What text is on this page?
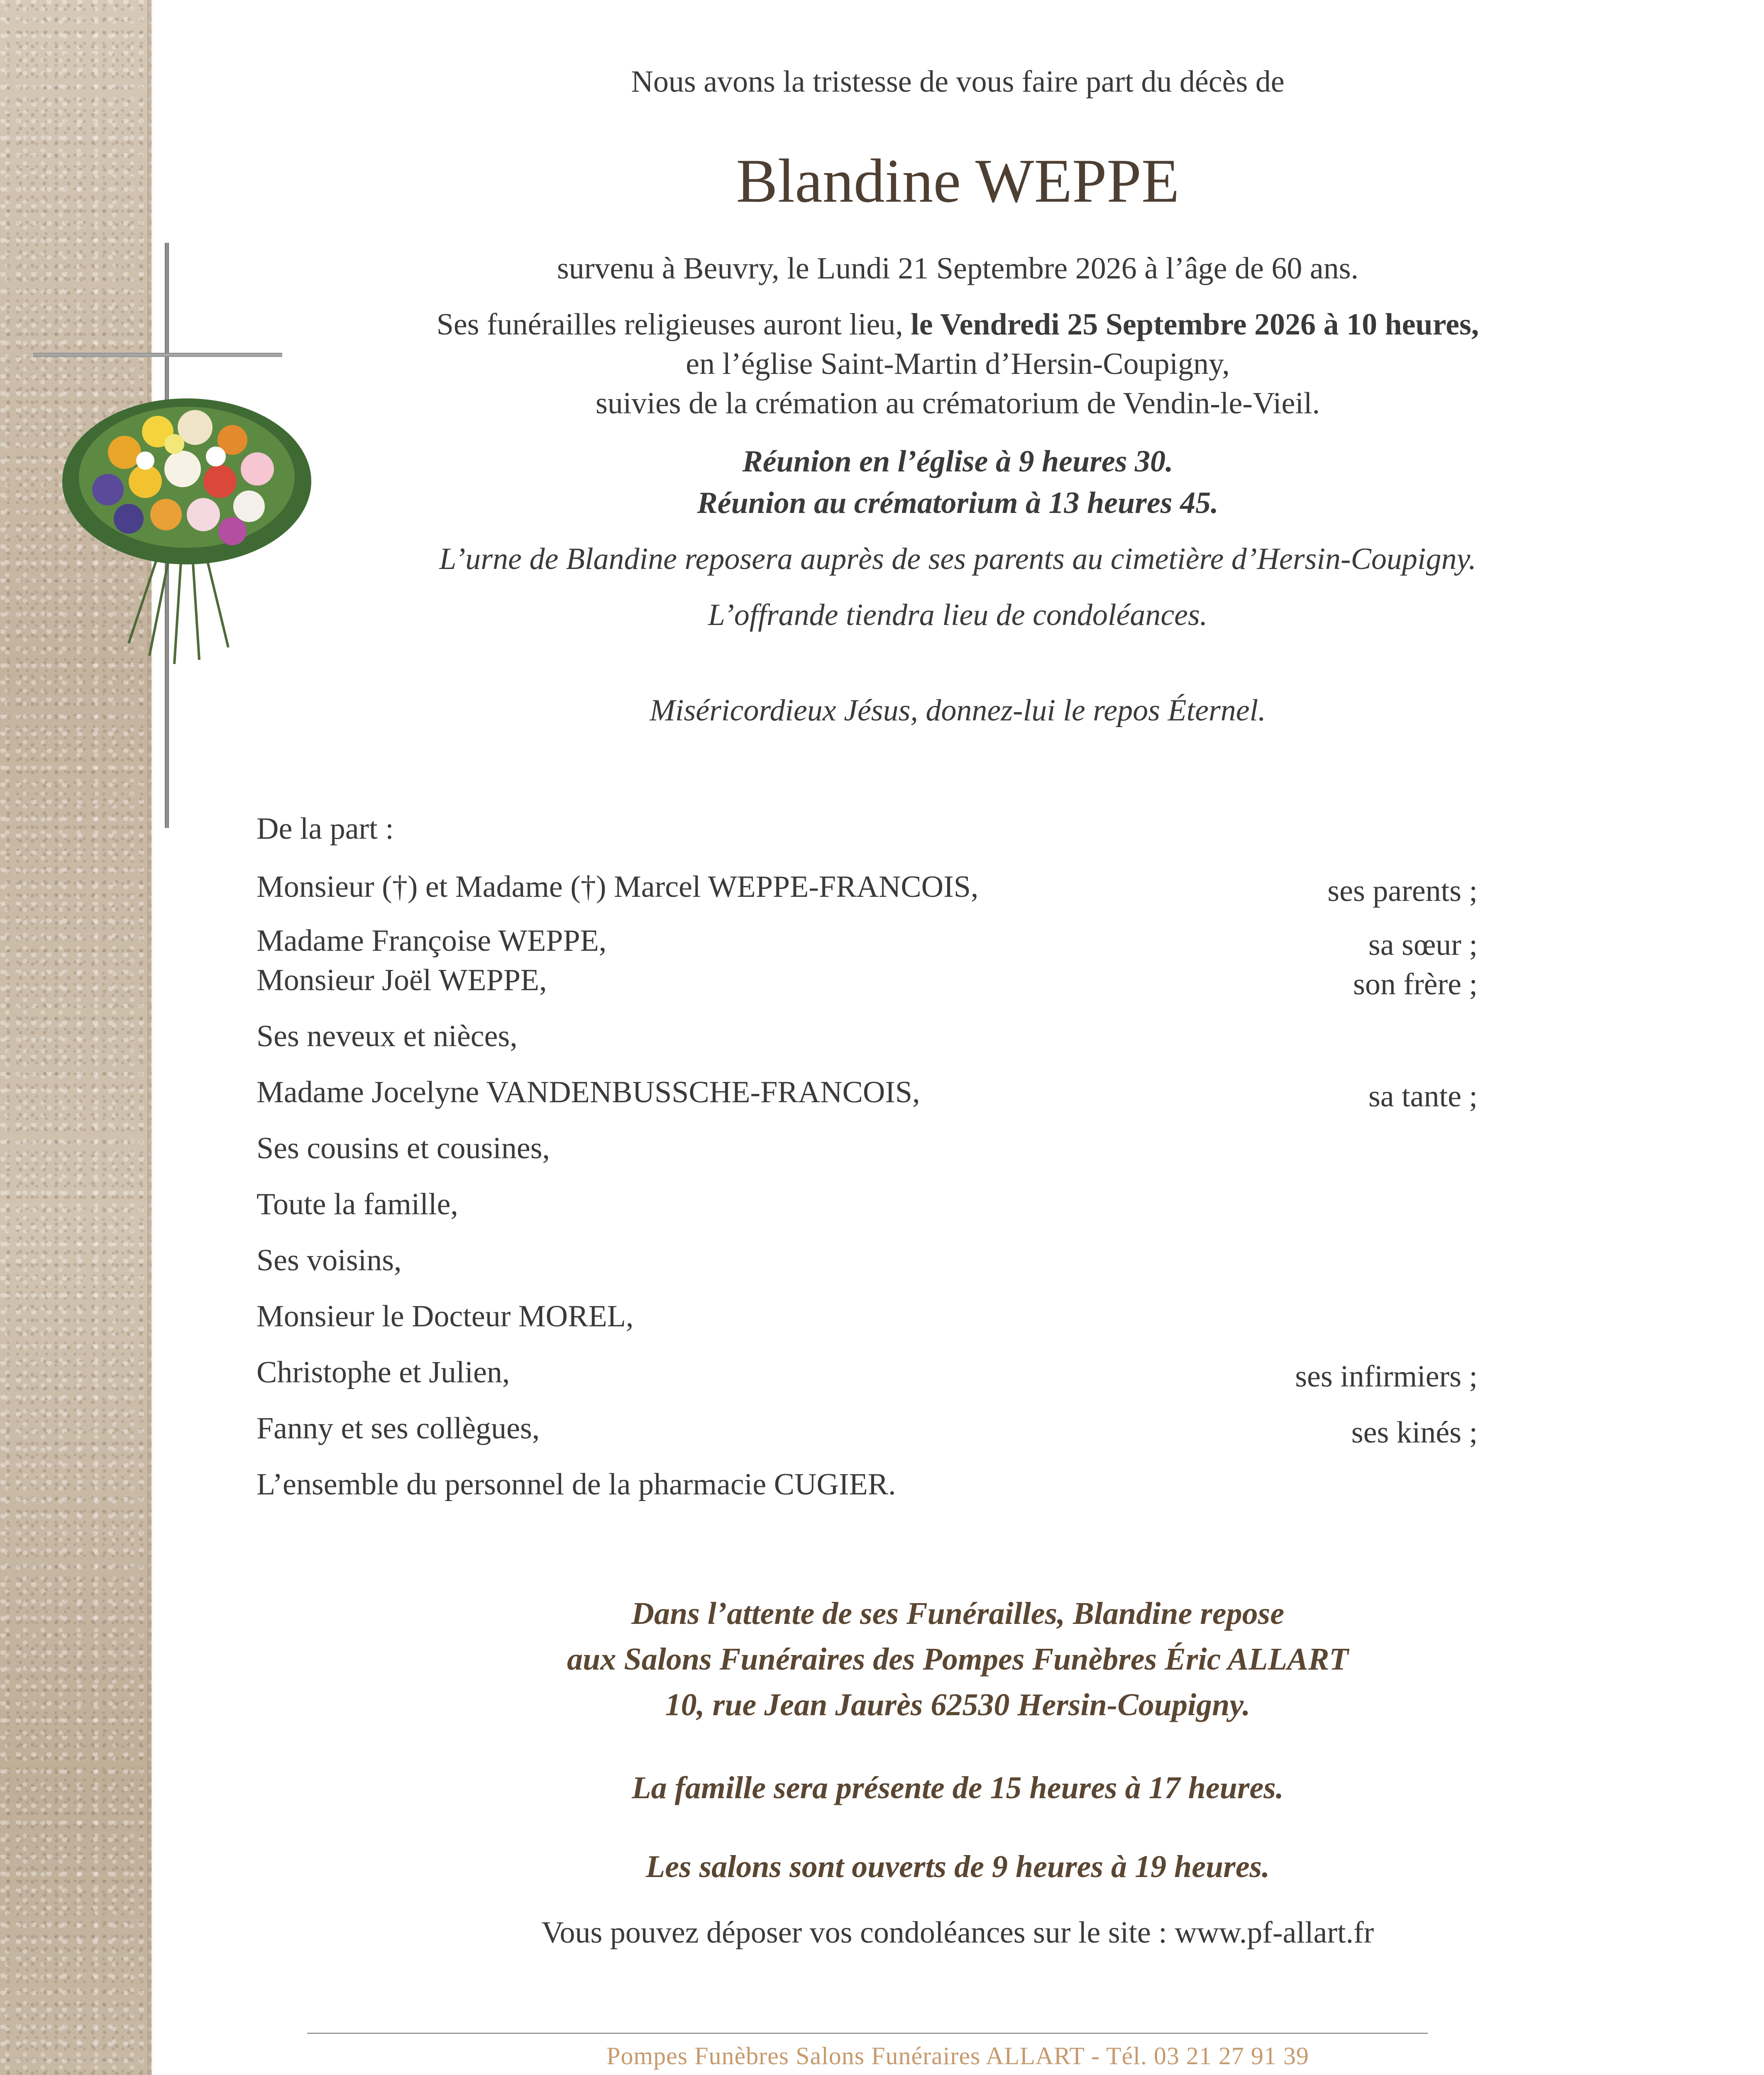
Nous avons la tristesse de vous faire part du décès de
Blandine WEPPE
survenu à Beuvry, le Lundi 21 Septembre 2026 à l’âge de 60 ans.
Ses funérailles religieuses auront lieu, le Vendredi 25 Septembre 2026 à 10 heures,
en l’église Saint-Martin d’Hersin-Coupigny,
suivies de la crémation au crématorium de Vendin-le-Vieil.
Réunion en l’église à 9 heures 30.
Réunion au crématorium à 13 heures 45.
L’urne de Blandine reposera auprès de ses parents au cimetière d’Hersin-Coupigny.
L’offrande tiendra lieu de condoléances.
Miséricordieux Jésus, donnez-lui le repos Éternel.
De la part :
Monsieur (†) et Madame (†) Marcel WEPPE-FRANCOIS,	ses parents ;
Madame Françoise WEPPE,	sa sœur ;
Monsieur Joël WEPPE,	son frère ;
Ses neveux et nièces,
Madame Jocelyne VANDENBUSSCHE-FRANCOIS,	sa tante ;
Ses cousins et cousines,
Toute la famille,
Ses voisins,
Monsieur le Docteur MOREL,
Christophe et Julien,	ses infirmiers ;
Fanny et ses collègues,	ses kinés ;
L’ensemble du personnel de la pharmacie CUGIER.
Dans l’attente de ses Funérailles, Blandine repose
aux Salons Funéraires des Pompes Funèbres Éric ALLART
10, rue Jean Jaurès 62530 Hersin-Coupigny.
La famille sera présente de 15 heures à 17 heures.
Les salons sont ouverts de 9 heures à 19 heures.
Vous pouvez déposer vos condoléances sur le site : www.pf-allart.fr
Pompes Funèbres Salons Funéraires ALLART - Tél. 03 21 27 91 39
